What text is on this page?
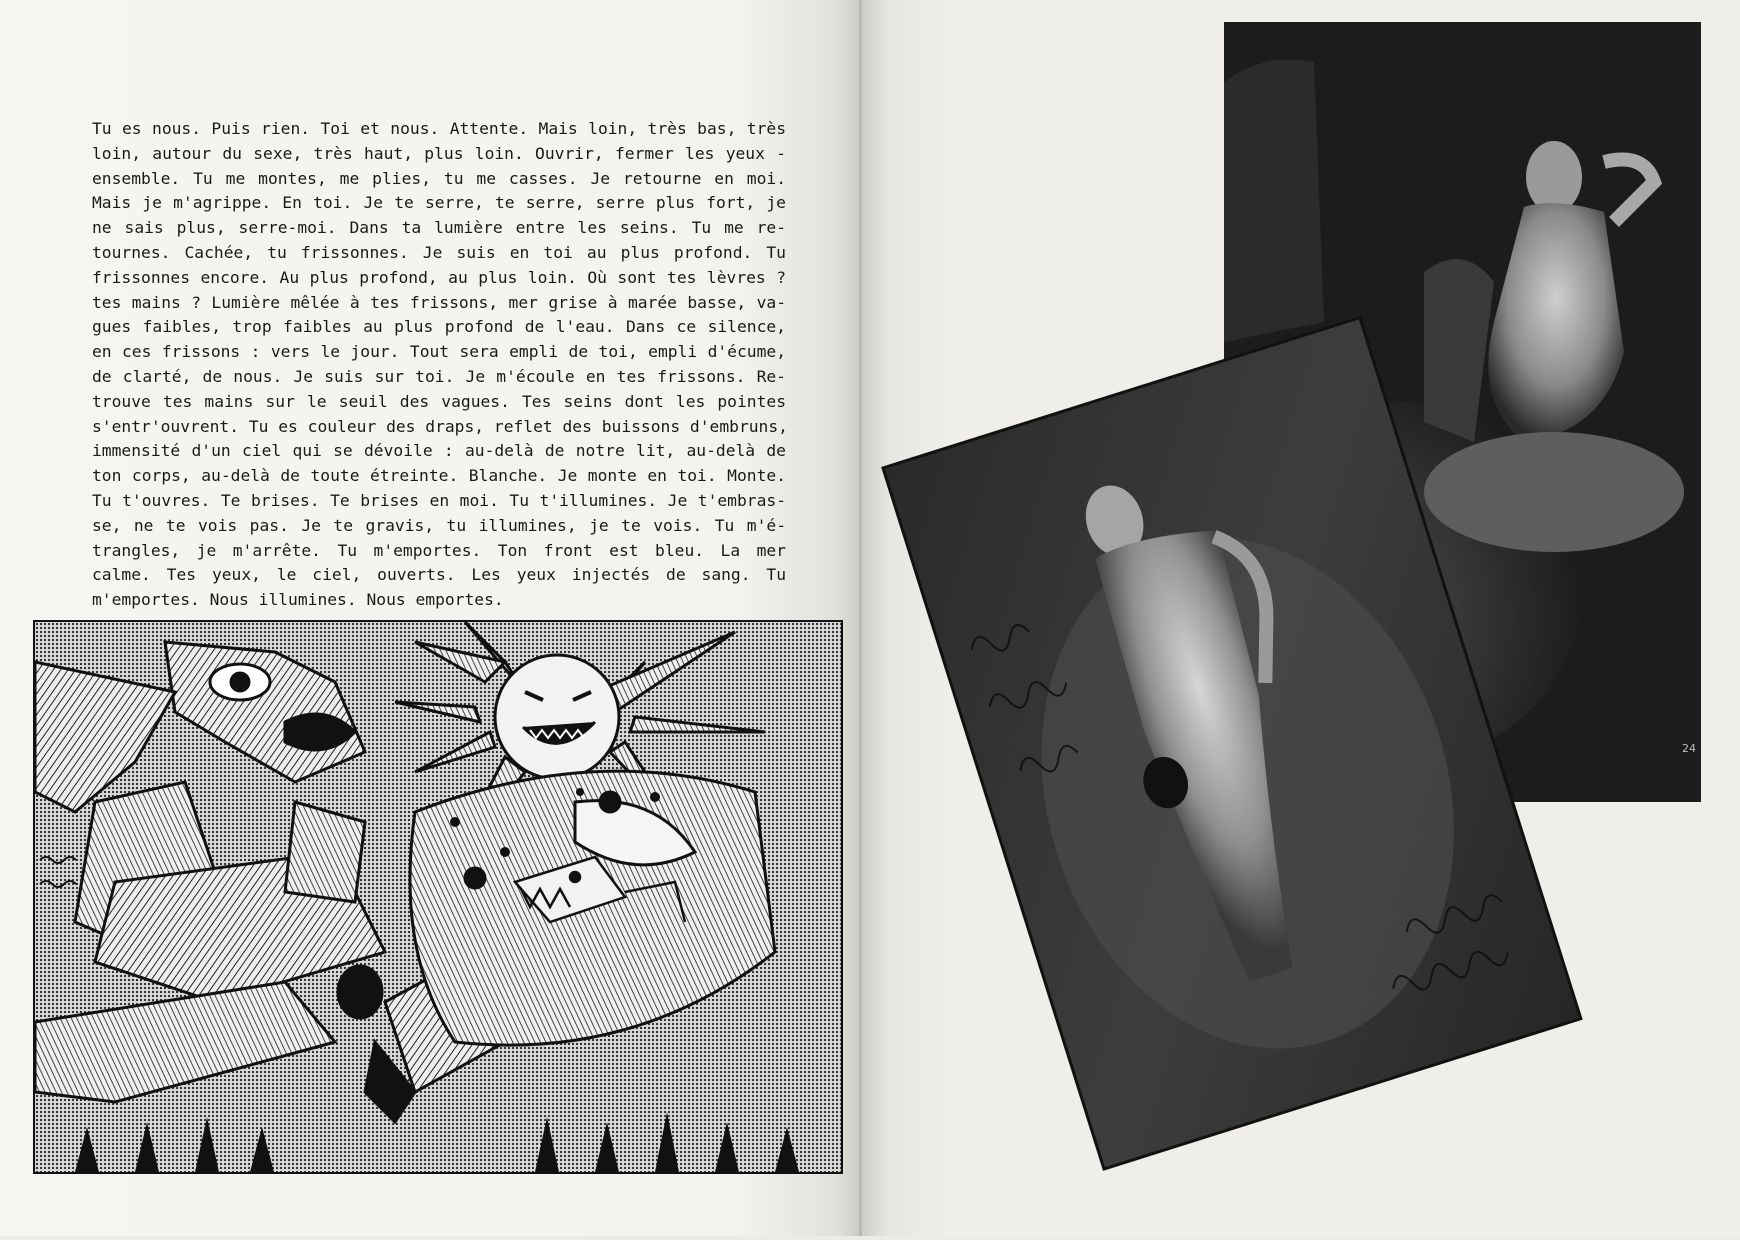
Tu es nous. Puis rien. Toi et nous. Attente. Mais loin, très bas, très
loin, autour du sexe, très haut, plus loin. Ouvrir, fermer les yeux -
ensemble. Tu me montes, me plies, tu me casses. Je retourne en moi.
Mais je m'agrippe. En toi. Je te serre, te serre, serre plus fort, je
ne sais plus, serre-moi. Dans ta lumière entre les seins. Tu me re-
tournes. Cachée, tu frissonnes. Je suis en toi au plus profond. Tu
frissonnes encore. Au plus profond, au plus loin. Où sont tes lèvres ?
tes mains ? Lumière mêlée à tes frissons, mer grise à marée basse, va-
gues faibles, trop faibles au plus profond de l'eau. Dans ce silence,
en ces frissons : vers le jour. Tout sera empli de toi, empli d'écume,
de clarté, de nous. Je suis sur toi. Je m'écoule en tes frissons. Re-
trouve tes mains sur le seuil des vagues. Tes seins dont les pointes
s'entr'ouvrent. Tu es couleur des draps, reflet des buissons d'embruns,
immensité d'un ciel qui se dévoile : au-delà de notre lit, au-delà de
ton corps, au-delà de toute étreinte. Blanche. Je monte en toi. Monte.
Tu t'ouvres. Te brises. Te brises en moi. Tu t'illumines. Je t'embras-
se, ne te vois pas. Je te gravis, tu illumines, je te vois. Tu m'é-
trangles, je m'arrête. Tu m'emportes. Ton front est bleu. La mer
calme. Tes yeux, le ciel, ouverts. Les yeux injectés de sang. Tu
m'emportes. Nous illumines. Nous emportes.
24
